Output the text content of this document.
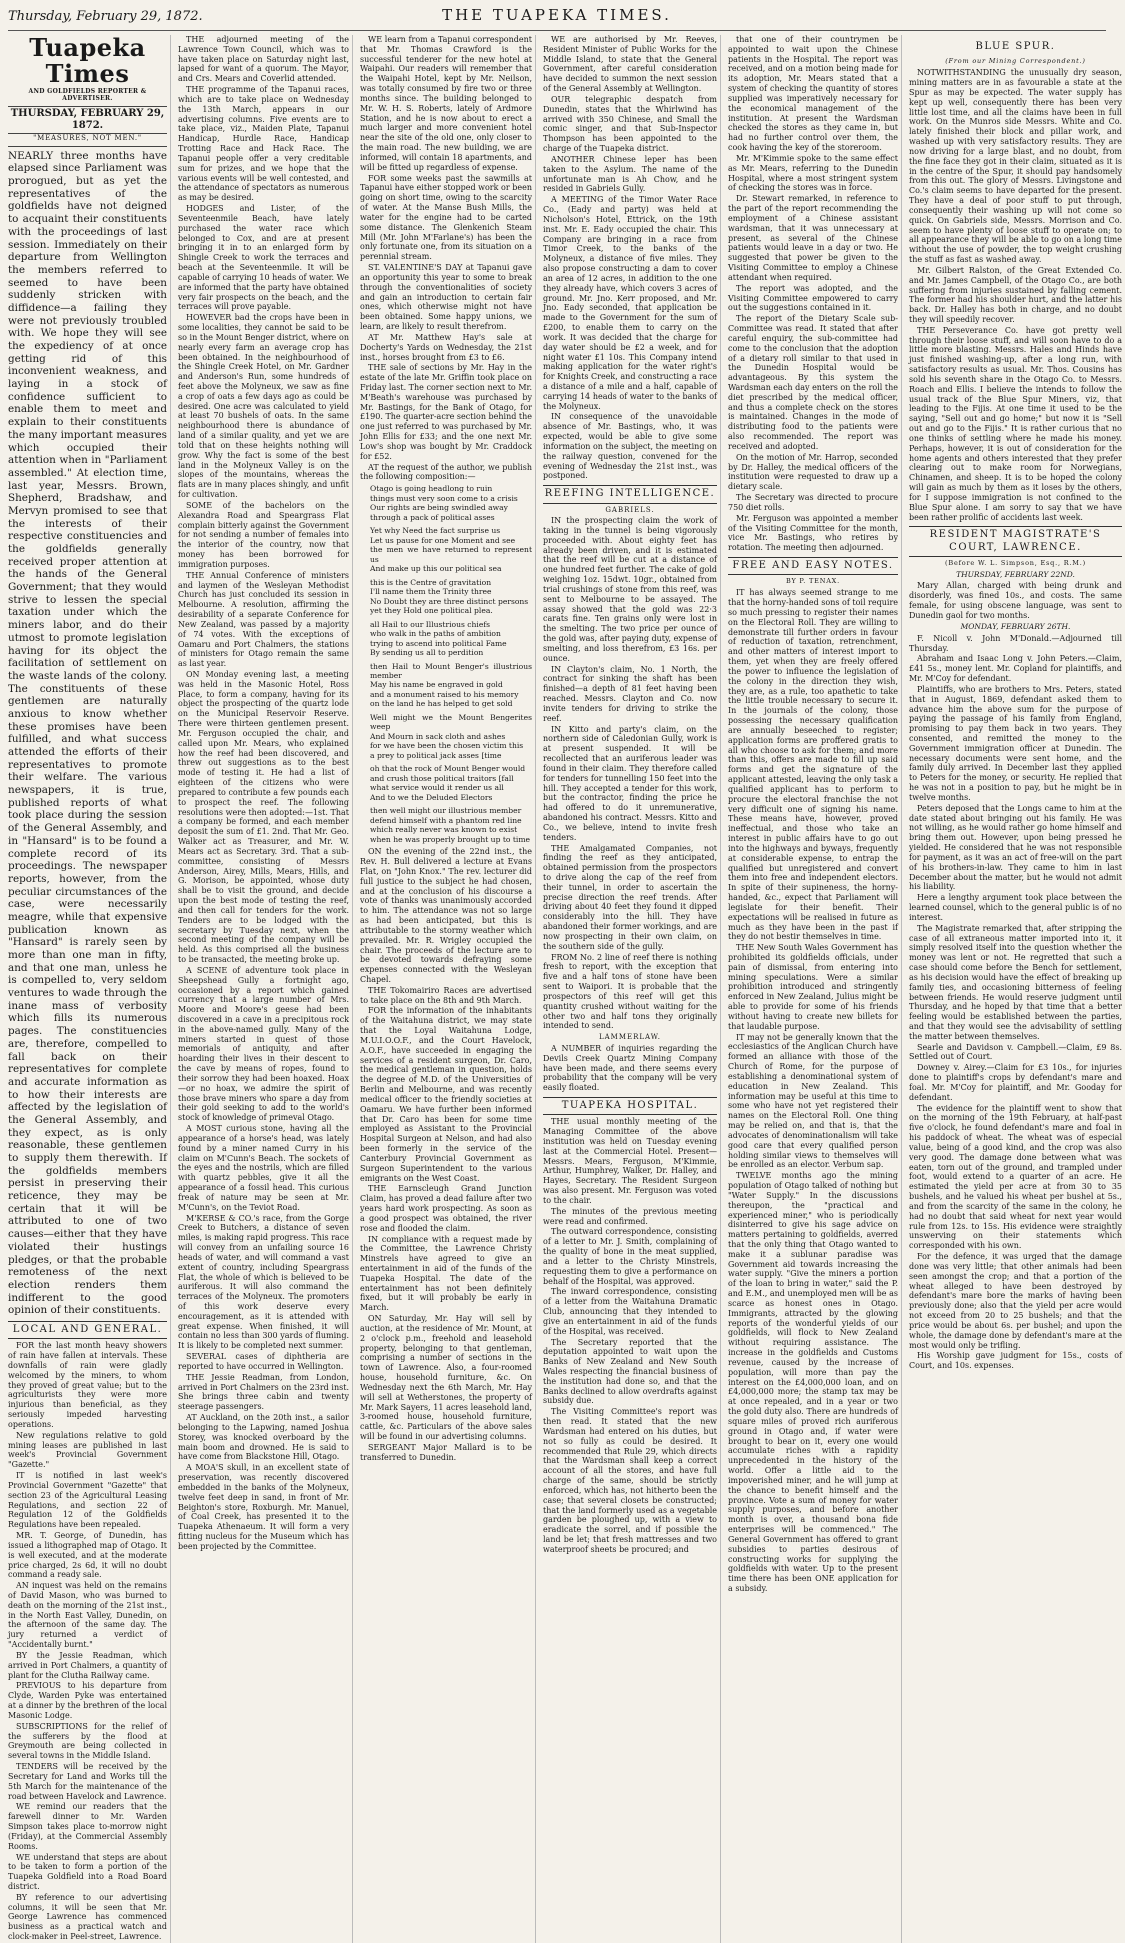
Thursday, February 29, 1872.	THE TUAPEKA TIMES.
Tuapeka Times
AND GOLDFIELDS REPORTER & ADVERTISER.
THURSDAY, FEBRUARY 29, 1872.
"MEASURES, NOT MEN."

NEARLY three months have elapsed since Parliament was prorogued, but as yet the representatives of the goldfields have not deigned to acquaint their constituents with the proceedings of last session. Immediately on their departure from Wellington the members referred to seemed to have been suddenly stricken with diffidence—a failing they were not previously troubled with. We hope they will see the expediency of at once getting rid of this inconvenient weakness, and laying in a stock of confidence sufficient to enable them to meet and explain to their constituents the many important measures which occupied their attention when in "Parliament assembled." At election time, last year, Messrs. Brown, Shepherd, Bradshaw, and Mervyn promised to see that the interests of their respective constituencies and the goldfields generally received proper attention at the hands of the General Government; that they would strive to lessen the special taxation under which the miners labor, and do their utmost to promote legislation having for its object the facilitation of settlement on the waste lands of the colony. The constituents of these gentlemen are naturally anxious to know whether these promises have been fulfilled, and what success attended the efforts of their representatives to promote their welfare. The various newspapers, it is true, published reports of what took place during the session of the General Assembly, and in "Hansard" is to be found a complete record of its proceedings. The newspaper reports, however, from the peculiar circumstances of the case, were necessarily meagre, while that expensive publication known as "Hansard" is rarely seen by more than one man in fifty, and that one man, unless he is compelled to, very seldom ventures to wade through the inane mass of verbosity which fills its numerous pages. The constituencies are, therefore, compelled to fall back on their representatives for complete and accurate information as to how their interests are affected by the legislation of the General Assembly, and they expect, as is only reasonable, these gentlemen to supply them therewith. If the goldfields members persist in preserving their reticence, they may be certain that it will be attributed to one of two causes—either that they have violated their hustings pledges, or that the probable remoteness of the next election renders them indifferent to the good opinion of their constituents.

LOCAL AND GENERAL.

FOR the last month heavy showers of rain have fallen at intervals. These downfalls of rain were gladly welcomed by the miners, to whom they proved of great value; but to the agriculturists they were more injurious than beneficial, as they seriously impeded harvesting operations.

New regulations relative to gold mining leases are published in last week's Provincial Government "Gazette."

IT is notified in last week's Provincial Government "Gazette" that section 23 of the Agricultural Leasing Regulations, and section 22 of Regulation 12 of the Goldfields Regulations have been repealed.

MR. T. George, of Dunedin, has issued a lithographed map of Otago. It is well executed, and at the moderate price charged, 2s 6d, it will no doubt command a ready sale.

AN inquest was held on the remains of David Mason, who was burned to death on the morning of the 21st inst., in the North East Valley, Dunedin, on the afternoon of the same day. The jury returned a verdict of "Accidentally burnt."

BY the Jessie Readman, which arrived in Port Chalmers, a quantity of plant for the Clutha Railway came.

PREVIOUS to his departure from Clyde, Warden Pyke was entertained at a dinner by the brethren of the local Masonic Lodge.

SUBSCRIPTIONS for the relief of the sufferers by the flood at Greymouth are being collected in several towns in the Middle Island.

TENDERS will be received by the Secretary for Land and Works till the 5th March for the maintenance of the road between Havelock and Lawrence.

WE remind our readers that the farewell dinner to Mr. Warden Simpson takes place to-morrow night (Friday), at the Commercial Assembly Rooms.

WE understand that steps are about to be taken to form a portion of the Tuapeka Goldfield into a Road Board district.

BY reference to our advertising columns, it will be seen that Mr. George Lawrence has commenced business as a practical watch and clock-maker in Peel-street, Lawrence.

THE adjourned meeting of the Lawrence Town Council, which was to have taken place on Saturday night last, lapsed for want of a quorum. The Mayor, and Crs. Mears and Coverlid attended.

THE programme of the Tapanui races, which are to take place on Wednesday the 13th March, appears in our advertising columns. Five events are to take place, viz., Maiden Plate, Tapanui Handicap, Hurdle Race, Handicap Trotting Race and Hack Race. The Tapanui people offer a very creditable sum for prizes, and we hope that the various events will be well contested, and the attendance of spectators as numerous as may be desired.

HODGES and Lister, of the Seventeenmile Beach, have lately purchased the water race which belonged to Cox, and are at present bringing it in to an enlarged form by Shingle Creek to work the terraces and beach at the Seventeenmile. It will be capable of carrying 10 heads of water. We are informed that the party have obtained very fair prospects on the beach, and the terraces will prove payable.

HOWEVER bad the crops have been in some localities, they cannot be said to be so in the Mount Benger district, where on nearly every farm an average crop has been obtained. In the neighbourhood of the Shingle Creek Hotel, on Mr. Gardner and Anderson's Run, some hundreds of feet above the Molyneux, we saw as fine a crop of oats a few days ago as could be desired. One acre was calculated to yield at least 70 bushels of oats. In the same neighbourhood there is abundance of land of a similar quality, and yet we are told that on these heights nothing will grow. Why the fact is some of the best land in the Molyneux Valley is on the slopes of the mountains, whereas the flats are in many places shingly, and unfit for cultivation.

SOME of the bachelors on the Alexandra Road and Speargrass Flat complain bitterly against the Government for not sending a number of females into the interior of the country, now that money has been borrowed for immigration purposes.

THE Annual Conference of ministers and laymen of the Wesleyan Methodist Church has just concluded its session in Melbourne. A resolution, affirming the desirability of a separate Conference for New Zealand, was passed by a majority of 74 votes. With the exceptions of Oamaru and Port Chalmers, the stations of ministers for Otago remain the same as last year.

ON Monday evening last, a meeting was held in the Masonic Hotel, Ross Place, to form a company, having for its object the prospecting of the quartz lode on the Municipal Reservoir Reserve. There were thirteen gentlemen present. Mr. Ferguson occupied the chair, and called upon Mr. Mears, who explained how the reef had been discovered, and threw out suggestions as to the best mode of testing it. He had a list of eighteen of the citizens who were prepared to contribute a few pounds each to prospect the reef. The following resolutions were then adopted:—1st. That a company be formed, and each member deposit the sum of £1. 2nd. That Mr. Geo. Walker act as Treasurer, and Mr. W. Mears act as Secretary. 3rd. That a sub-committee, consisting of Messrs Anderson, Airey, Mills, Mears, Hills, and G. Morison, be appointed, whose duty shall be to visit the ground, and decide upon the best mode of testing the reef, and then call for tenders for the work. Tenders are to be lodged with the secretary by Tuesday next, when the second meeting of the company will be held. As this comprised all the business to be transacted, the meeting broke up.

A SCENE of adventure took place in Sheepshead Gully a fortnight ago, occasioned by a report which gained currency that a large number of Mrs. Moore and Moore's geese had been discovered in a cave in a precipitous rock in the above-named gully. Many of the miners started in quest of those memorials of antiquity, and after hoarding their lives in their descent to the cave by means of ropes, found to their sorrow they had been hoaxed. Hoax—or no hoax, we admire the spirit of those brave miners who spare a day from their gold seeking to add to the world's stock of knowledge of primeval Otago.

A MOST curious stone, having all the appearance of a horse's head, was lately found by a miner named Curry in his claim on M'Cunn's Beach. The sockets of the eyes and the nostrils, which are filled with quartz pebbles, give it all the appearance of a fossil head. This curious freak of nature may be seen at Mr. M'Cunn's, on the Teviot Road.

M'KERSE & CO.'s race, from the Gorge Creek to Butchers, a distance of seven miles, is making rapid progress. This race will convey from an unfailing source 16 heads of water, and will command a vast extent of country, including Speargrass Flat, the whole of which is believed to be auriferous. It will also command the terraces of the Molyneux. The promoters of this work deserve every encouragement, as it is attended with great expense. When finished, it will contain no less than 300 yards of fluming. It is likely to be completed next summer.

SEVERAL cases of diphtheria are reported to have occurred in Wellington.

THE Jessie Readman, from London, arrived in Port Chalmers on the 23rd inst. She brings three cabin and twenty steerage passengers.

AT Auckland, on the 20th inst., a sailor belonging to the Lapwing, named Joshua Storey, was knocked overboard by the main boom and drowned. He is said to have come from Blackstone Hill, Otago.

A MOA'S skull, in an excellent state of preservation, was recently discovered embedded in the banks of the Molyneux, twelve feet deep in sand, in front of Mr. Beighton's store, Roxburgh. Mr. Manuel, of Coal Creek, has presented it to the Tuapeka Athenaeum. It will form a very fitting nucleus for the Museum which has been projected by the Committee.

WE learn from a Tapanui correspondent that Mr. Thomas Crawford is the successful tenderer for the new hotel at Waipahi. Our readers will remember that the Waipahi Hotel, kept by Mr. Neilson, was totally consumed by fire two or three months since. The building belonged to Mr. W. H. S. Roberts, lately of Ardmore Station, and he is now about to erect a much larger and more convenient hotel near the site of the old one, only closer to the main road. The new building, we are informed, will contain 18 apartments, and will be fitted up regardless of expense.

FOR some weeks past the sawmills at Tapanui have either stopped work or been going on short time, owing to the scarcity of water. At the Manse Bush Mills, the water for the engine had to be carted some distance. The Glenkenich Steam Mill (Mr. John M'Farlane's) has been the only fortunate one, from its situation on a perennial stream.

ST. VALENTINE'S DAY at Tapanui gave an opportunity this year to some to break through the conventionalities of society and gain an introduction to certain fair ones, which otherwise might not have been obtained. Some happy unions, we learn, are likely to result therefrom.

AT Mr. Matthew Hay's sale at Docherty's Yards on Wednesday, the 21st inst., horses brought from £3 to £6.

THE sale of sections by Mr. Hay in the estate of the late Mr. Griffin took place on Friday last. The corner section next to Mr. M'Beath's warehouse was purchased by Mr. Bastings, for the Bank of Otago, for £190. The quarter-acre section behind the one just referred to was purchased by Mr. John Ellis for £33; and the one next Mr. Low's shop was bought by Mr. Craddock for £52.

AT the request of the author, we publish the following composition:—

Otago is going headlong to ruin
things must very soon come to a crisis
Our rights are being swindled away
through a pack of political asses
Yet why Need the fact surprise us
Let us pause for one Moment and see
the men we have returned to represent us
And make up this our political sea
this is the Centre of gravitation
I'll name them the Trinity three
No Doubt they are three distinct persons
yet they Hold one political plea.
all Hail to our Illustrious chiefs
who walk in the paths of ambition
trying to ascend into political Fame
By sending us all to perdition
then Hail to Mount Benger's illustrious member
May his name be engraved in gold
and a monument raised to his memory
on the land he has helped to get sold
Well might we the Mount Bengerites weep
And Mourn in sack cloth and ashes
for we have been the chosen victim this
a prey to political jack asses [time
oh that the rock of Mount Benger would
and crush those political traitors [fall
what service would it render us all
And to we the Deluded Electors
then well might our illustrious member
defend himself with a phantom red line
which really never was known to exist
when he was properly brought up to time

ON the evening of the 22nd inst., the Rev. H. Bull delivered a lecture at Evans Flat, on "John Knox." The rev. lecturer did full justice to the subject he had chosen, and at the conclusion of his discourse a vote of thanks was unanimously accorded to him. The attendance was not so large as had been anticipated, but this is attributable to the stormy weather which prevailed. Mr. R. Wrigley occupied the chair. The proceeds of the lecture are to be devoted towards defraying some expenses connected with the Wesleyan Chapel.

THE Tokomairiro Races are advertised to take place on the 8th and 9th March.

FOR the information of the inhabitants of the Waitahuna district, we may state that the Loyal Waitahuna Lodge, M.U.I.O.O.F., and the Court Havelock, A.O.F., have succeeded in engaging the services of a resident surgeon, Dr. Caro, the medical gentleman in question, holds the degree of M.D. of the Universities of Berlin and Melbourne, and was recently medical officer to the friendly societies at Oamaru. We have further been informed that Dr. Caro has been for some time employed as Assistant to the Provincial Hospital Surgeon at Nelson, and had also been formerly in the service of the Canterbury Provincial Government as Surgeon Superintendent to the various emigrants on the West Coast.

THE Earnscleugh Grand Junction Claim, has proved a dead failure after two years hard work prospecting. As soon as a good prospect was obtained, the river rose and flooded the claim.

IN compliance with a request made by the Committee, the Lawrence Christy Minstrels have agreed to give an entertainment in aid of the funds of the Tuapeka Hospital. The date of the entertainment has not been definitely fixed, but it will probably be early in March.

ON Saturday, Mr. Hay will sell by auction, at the residence of Mr. Mount, at 2 o'clock p.m., freehold and leasehold property, belonging to that gentleman, comprising a number of sections in the town of Lawrence. Also, a four-roomed house, household furniture, &c. On Wednesday next the 6th March, Mr. Hay will sell at Wetherstones, the property of Mr. Mark Sayers, 11 acres leasehold land, 3-roomed house, household furniture, cattle, &c. Particulars of the above sales will be found in our advertising columns.

SERGEANT Major Mallard is to be transferred to Dunedin.

WE are authorised by Mr. Reeves, Resident Minister of Public Works for the Middle Island, to state that the General Government, after careful consideration have decided to summon the next session of the General Assembly at Wellington.

OUR telegraphic despatch from Dunedin, states that the Whirlwind has arrived with 350 Chinese, and Small the comic singer, and that Sub-Inspector Thompson has been appointed to the charge of the Tuapeka district.

ANOTHER Chinese leper has been taken to the Asylum. The name of the unfortunate man is Ah Chow, and he resided in Gabriels Gully.

A MEETING of the Timor Water Race Co., (Eady and party) was held at Nicholson's Hotel, Ettrick, on the 19th inst. Mr. E. Eady occupied the chair. This Company are bringing in a race from Timor Creek, to the banks of the Molyneux, a distance of five miles. They also propose constructing a dam to cover an area of 12 acres, in addition to the one they already have, which covers 3 acres of ground. Mr. Jno. Kerr proposed, and Mr. Jno. Eady seconded, that application be made to the Government for the sum of £200, to enable them to carry on the work. It was decided that the charge for day water should be £2 a week, and for night water £1 10s. This Company intend making application for the water right's for Knights Creek, and constructing a race a distance of a mile and a half, capable of carrying 14 heads of water to the banks of the Molyneux.

IN consequence of the unavoidable absence of Mr. Bastings, who, it was expected, would be able to give some information on the subject, the meeting on the railway question, convened for the evening of Wednesday the 21st inst., was postponed.

REEFING INTELLIGENCE.
GABRIELS.

IN the prospecting claim the work of taking in the tunnel is being vigorously proceeded with. About eighty feet has already been driven, and it is estimated that the reef will be cut at a distance of one hundred feet further. The cake of gold weighing 1oz. 15dwt. 10gr., obtained from trial crushings of stone from this reef, was sent to Melbourne to be assayed. The assay showed that the gold was 22·3 carats fine. Ten grains only were lost in the smelting. The two price per ounce of the gold was, after paying duty, expense of smelting, and loss therefrom, £3 16s. per ounce.

IN Clayton's claim, No. 1 North, the contract for sinking the shaft has been finished—a depth of 81 feet having been reached. Messrs. Clayton and Co. now invite tenders for driving to strike the reef.

IN Kitto and party's claim, on the northern side of Caledonian Gully, work is at present suspended. It will be recollected that an auriferous leader was found in their claim. They therefore called for tenders for tunnelling 150 feet into the hill. They accepted a tender for this work, but the contractor, finding the price he had offered to do it unremunerative, abandoned his contract. Messrs. Kitto and Co., we believe, intend to invite fresh tenders.

THE Amalgamated Companies, not finding the reef as they anticipated, obtained permission from the prospectors to drive along the cap of the reef from their tunnel, in order to ascertain the precise direction the reef trends. After driving about 40 feet they found it dipped considerably into the hill. They have abandoned their former workings, and are now prospecting in their own claim, on the southern side of the gully.

FROM No. 2 line of reef there is nothing fresh to report, with the exception that five and a half tons of stone have been sent to Waipori. It is probable that the prospectors of this reef will get this quantity crushed without waiting for the other two and half tons they originally intended to send.

LAMMERLAW.

A NUMBER of inquiries regarding the Devils Creek Quartz Mining Company have been made, and there seems every probability that the company will be very easily floated.

TUAPEKA HOSPITAL.

THE usual monthly meeting of the Managing Committee of the above institution was held on Tuesday evening last at the Commercial Hotel. Present—Messrs. Mears, Ferguson, M'Kimmie, Arthur, Humphrey, Walker, Dr. Halley, and Hayes, Secretary. The Resident Surgeon was also present. Mr. Ferguson was voted to the chair.

The minutes of the previous meeting were read and confirmed.

The outward correspondence, consisting of a letter to Mr. J. Smith, complaining of the quality of bone in the meat supplied, and a letter to the Christy Minstrels, requesting them to give a performance on behalf of the Hospital, was approved.

The inward correspondence, consisting of a letter from the Waitahuna Dramatic Club, announcing that they intended to give an entertainment in aid of the funds of the Hospital, was received.

The Secretary reported that the deputation appointed to wait upon the Banks of New Zealand and New South Wales respecting the financial business of the institution had done so, and that the Banks declined to allow overdrafts against subsidy due.

The Visiting Committee's report was then read. It stated that the new Wardsman had entered on his duties, but not so fully as could be desired. It recommended that Rule 29, which directs that the Wardsman shall keep a correct account of all the stores, and have full charge of the same, should be strictly enforced, which has, not hitherto been the case; that several closets be constructed; that the land formerly used as a vegetable garden be ploughed up, with a view to eradicate the sorrel, and if possible the land be let; that fresh mattresses and two waterproof sheets be procured; and

that one of their countrymen be appointed to wait upon the Chinese patients in the Hospital. The report was received, and on a motion being made for its adoption, Mr. Mears stated that a system of checking the quantity of stores supplied was imperatively necessary for the economical management of the institution. At present the Wardsman checked the stores as they came in, but had no further control over them, the cook having the key of the storeroom.

Mr. M'Kimmie spoke to the same effect as Mr. Mears, referring to the Dunedin Hospital, where a most stringent system of checking the stores was in force.

Dr. Stewart remarked, in reference to the part of the report recommending the employment of a Chinese assistant wardsman, that it was unnecessary at present, as several of the Chinese patients would leave in a day or two. He suggested that power be given to the Visiting Committee to employ a Chinese attendant when required.

The report was adopted, and the Visiting Committee empowered to carry out the suggestions contained in it.

The report of the Dietary Scale sub-Committee was read. It stated that after careful enquiry, the sub-committee had come to the conclusion that the adoption of a dietary roll similar to that used in the Dunedin Hospital would be advantageous. By this system the Wardsman each day enters on the roll the diet prescribed by the medical officer, and thus a complete check on the stores is maintained. Changes in the mode of distributing food to the patients were also recommended. The report was received and adopted.

On the motion of Mr. Harrop, seconded by Dr. Halley, the medical officers of the institution were requested to draw up a dietary scale.

The Secretary was directed to procure 750 diet rolls.

Mr. Ferguson was appointed a member of the Visiting Committee for the month, vice Mr. Bastings, who retires by rotation. The meeting then adjourned.

FREE AND EASY NOTES.
BY P. TENAX.

IT has always seemed strange to me that the horny-handed sons of toil require so much pressing to register their names on the Electoral Roll. They are willing to demonstrate till further orders in favour of reduction of taxation, retrenchment, and other matters of interest import to them, yet when they are freely offered the power to influence the legislation of the colony in the direction they wish, they are, as a rule, too apathetic to take the little trouble necessary to secure it. In the journals of the colony, those possessing the necessary qualification are annually beseeched to register; application forms are proffered gratis to all who choose to ask for them; and more than this, offers are made to fill up said forms and get the signature of the applicant attested, leaving the only task a qualified applicant has to perform to procure the electoral franchise the not very difficult one of signing his name. These means have, however, proved ineffectual, and those who take an interest in public affairs have to go out into the highways and byways, frequently at considerable expense, to entrap the qualified but unregistered and convert them into free and independent electors. In spite of their supineness, the horny-handed, &c., expect that Parliament will legislate for their benefit. Their expectations will be realised in future as much as they have been in the past if they do not bestir themselves in time.

THE New South Wales Government has prohibited its goldfields officials, under pain of dismissal, from entering into mining speculations. Were a similar prohibition introduced and stringently enforced in New Zealand, Julius might be able to provide for some of his friends without having to create new billets for that laudable purpose.

IT may not be generally known that the ecclesiastics of the Anglican Church have formed an alliance with those of the Church of Rome, for the purpose of establishing a denominational system of education in New Zealand. This information may be useful at this time to some who have not yet registered their names on the Electoral Roll. One thing may be relied on, and that is, that the advocates of denominationalism will take good care that every qualified person holding similar views to themselves will be enrolled as an elector. Verbum sap.

TWELVE months ago the mining population of Otago talked of nothing but "Water Supply." In the discussions thereupon, the "practical and experienced miner," who is periodically disinterred to give his sage advice on matters pertaining to goldfields, averred that the only thing that Otago wanted to make it a sublunar paradise was Government aid towards increasing the water supply. "Give the miners a portion of the loan to bring in water," said the P. and E.M., and unemployed men will be as scarce as honest ones in Otago. Immigrants, attracted by the glowing reports of the wonderful yields of our goldfields, will flock to New Zealand without requiring assistance. The increase in the goldfields and Customs revenue, caused by the increase of population, will more than pay the interest on the £4,000,000 loan, and on £4,000,000 more; the stamp tax may be at once repealed, and in a year or two the gold duty also. There are hundreds of square miles of proved rich auriferous ground in Otago and, if water were brought to bear on it, every one would accumulate riches with a rapidity unprecedented in the history of the world. Offer a little aid to the impoverished miner, and he will jump at the chance to benefit himself and the province. Vote a sum of money for water supply purposes, and before another month is over, a thousand bona fide enterprises will be commenced." The General Government has offered to grant subsidies to parties desirous of constructing works for supplying the goldfields with water. Up to the present time there has been ONE application for a subsidy.

BLUE SPUR.
(From our Mining Correspondent.)

NOTWITHSTANDING the unusually dry season, mining matters are in as favourable a state at the Spur as may be expected. The water supply has kept up well, consequently there has been very little lost time, and all the claims have been in full work. On the Munros side Messrs. White and Co. lately finished their block and pillar work, and washed up with very satisfactory results. They are now driving for a large blast, and no doubt, from the fine face they got in their claim, situated as it is in the centre of the Spur, it should pay handsomely from this out. The glory of Messrs. Livingstone and Co.'s claim seems to have departed for the present. They have a deal of poor stuff to put through, consequently their washing up will not come so quick. On Gabriels side, Messrs. Morrison and Co. seem to have plenty of loose stuff to operate on; to all appearance they will be able to go on a long time without the use of powder, the top weight crushing the stuff as fast as washed away.

Mr. Gilbert Ralston, of the Great Extended Co. and Mr. James Campbell, of the Otago Co., are both suffering from injuries sustained by falling cement. The former had his shoulder hurt, and the latter his back. Dr. Halley has both in charge, and no doubt they will speedily recover.

THE Perseverance Co. have got pretty well through their loose stuff, and will soon have to do a little more blasting. Messrs. Hales and Hinds have just finished washing-up, after a long run, with satisfactory results as usual. Mr. Thos. Cousins has sold his seventh share in the Otago Co. to Messrs. Roach and Ellis. I believe the intends to follow the usual track of the Blue Spur Miners, viz, that leading to the Fijis. At one time it used to be the saying, "Sell out and go home;" but now it is "Sell out and go to the Fijis." It is rather curious that no one thinks of settling where he made his money. Perhaps, however, it is out of consideration for the home agents and others interested that they prefer clearing out to make room for Norwegians, Chinamen, and sheep. It is to be hoped the colony will gain as much by them as it loses by the others, for I suppose immigration is not confined to the Blue Spur alone. I am sorry to say that we have been rather prolific of accidents last week.

RESIDENT MAGISTRATE'S COURT, LAWRENCE.
(Before W. L. Simpson, Esq., R.M.)
THURSDAY, FEBRUARY 22ND.

Mary Allan, charged with being drunk and disorderly, was fined 10s., and costs. The same female, for using obscene language, was sent to Dunedin gaol for two months.

MONDAY, FEBRUARY 26TH.

F. Nicoll v. John M'Donald.—Adjourned till Thursday.

Abraham and Isaac Long v. John Peters.—Claim, £41 5s., money lent. Mr. Copland for plaintiffs, and Mr. M'Coy for defendant.

Plaintiffs, who are brothers to Mrs. Peters, stated that in August, 1869, defendant asked them to advance him the above sum for the purpose of paying the passage of his family from England, promising to pay them back in two years. They consented, and remitted the money to the Government immigration officer at Dunedin. The necessary documents were sent home, and the family duly arrived. In December last they applied to Peters for the money, or security. He replied that he was not in a position to pay, but he might be in twelve months.

Peters deposed that the Longs came to him at the date stated about bringing out his family. He was not willing, as he would rather go home himself and bring them out. However, upon being pressed he yielded. He considered that he was not responsible for payment, as it was an act of free-will on the part of his brothers-in-law. They came to him in last December about the matter, but he would not admit his liability.

Here a lengthy argument took place between the learned counsel, which to the general public is of no interest.

The Magistrate remarked that, after stripping the case of all extraneous matter imported into it, it simply resolved itself into the question whether the money was lent or not. He regretted that such a case should come before the Bench for settlement, as his decision would have the effect of breaking up family ties, and occasioning bitterness of feeling between friends. He would reserve judgment until Thursday, and he hoped by that time that a better feeling would be established between the parties, and that they would see the advisability of settling the matter between themselves.

Searle and Davidson v. Campbell.—Claim, £9 8s. Settled out of Court.

Downey v. Airey.—Claim for £3 10s., for injuries done to plaintiff's crops by defendant's mare and foal. Mr. M'Coy for plaintiff, and Mr. Gooday for defendant.

The evidence for the plaintiff went to show that on the morning of the 19th February, at half-past five o'clock, he found defendant's mare and foal in his paddock of wheat. The wheat was of especial value, being of a good kind, and the crop was also very good. The damage done between what was eaten, torn out of the ground, and trampled under foot, would extend to a quarter of an acre. He estimated the yield per acre at from 30 to 35 bushels, and he valued his wheat per bushel at 5s., and from the scarcity of the same in the colony, he had no doubt that said wheat for next year would rule from 12s. to 15s. His evidence were straightly unswerving on their statements which corresponded with his own.

For the defence, it was urged that the damage done was very little; that other animals had been seen amongst the crop; and that a portion of the wheat alleged to have been destroyed by defendant's mare bore the marks of having been previously done; also that the yield per acre would not exceed from 20 to 25 bushels; and that the price would be about 6s. per bushel; and upon the whole, the damage done by defendant's mare at the most would only be trifling.

His Worship gave judgment for 15s., costs of Court, and 10s. expenses.
